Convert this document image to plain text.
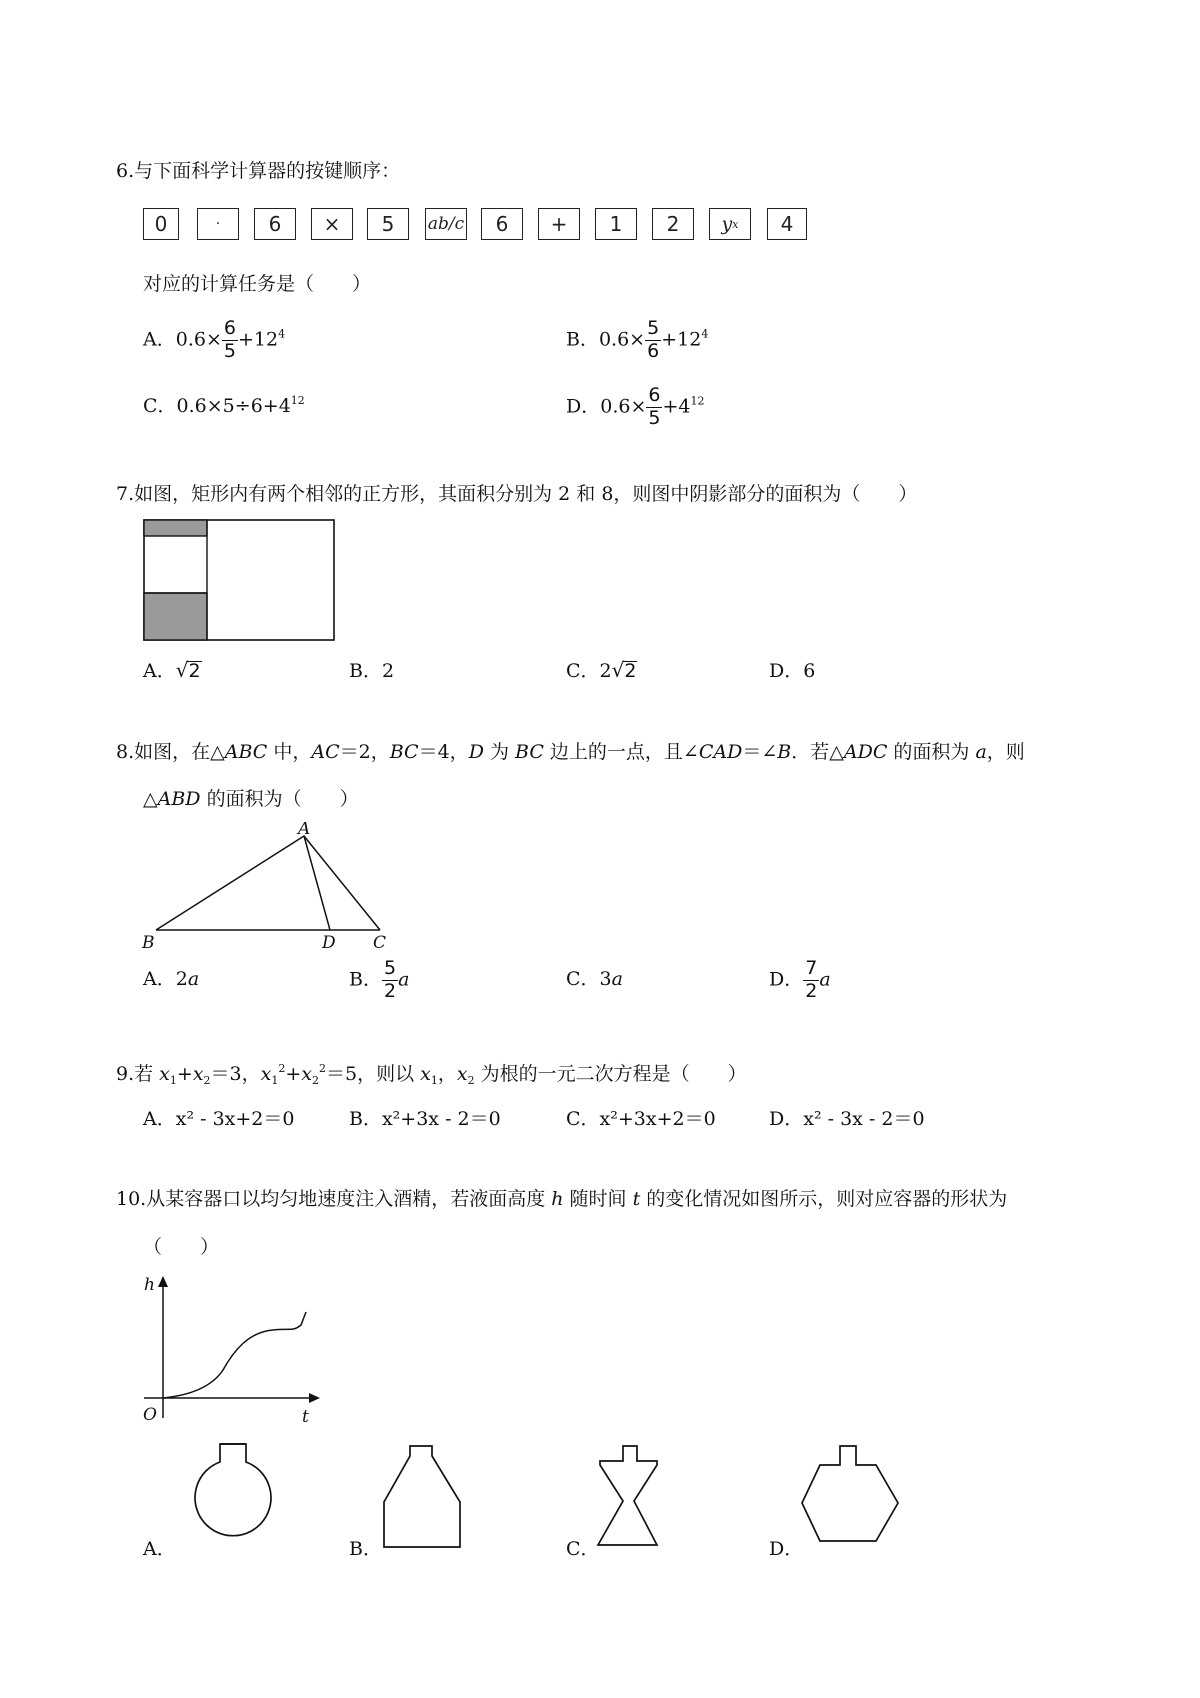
6.与下面科学计算器的按键顺序：
0	·	6	×	5	ab/c	6	+	1	2	y x	4
对应的计算任务是（　　）
A．$0.6\times \frac{6}{5} +12^4$	B．$0.6\times \frac{5}{6} +12^4$
C．$0.6\times 5\div 6+4^{12}$	D．$0.6\times \frac{6}{5} +4^{12}$
7.如图，矩形内有两个相邻的正方形，其面积分别为 2 和 8，则图中阴影部分的面积为（　　）
A．√2	B．2	C．2√2	D．6
8.如图，在△ABC 中，AC＝2，BC＝4，D 为 BC 边上的一点，且∠CAD＝∠B．若△ADC 的面积为 a，则
△ABD 的面积为（　　）
A
B	D C
A．2a	B． $\frac{5}{2}$ a	C．3a	D． $\frac{7}{2}$ a
9.若 $x_1+x_2=3$，$x_1^2+x_2^2=5$，则以 $x_1$，$x_2$ 为根的一元二次方程是（　　）
A．x² - 3x+2＝0	B．x²+3x - 2＝0	C．x²+3x+2＝0	D．x² - 3x - 2＝0
10.从某容器口以均匀地速度注入酒精，若液面高度 h 随时间 t 的变化情况如图所示，则对应容器的形状为
（　　）
h
t
O
A．	B．	C．	D．
